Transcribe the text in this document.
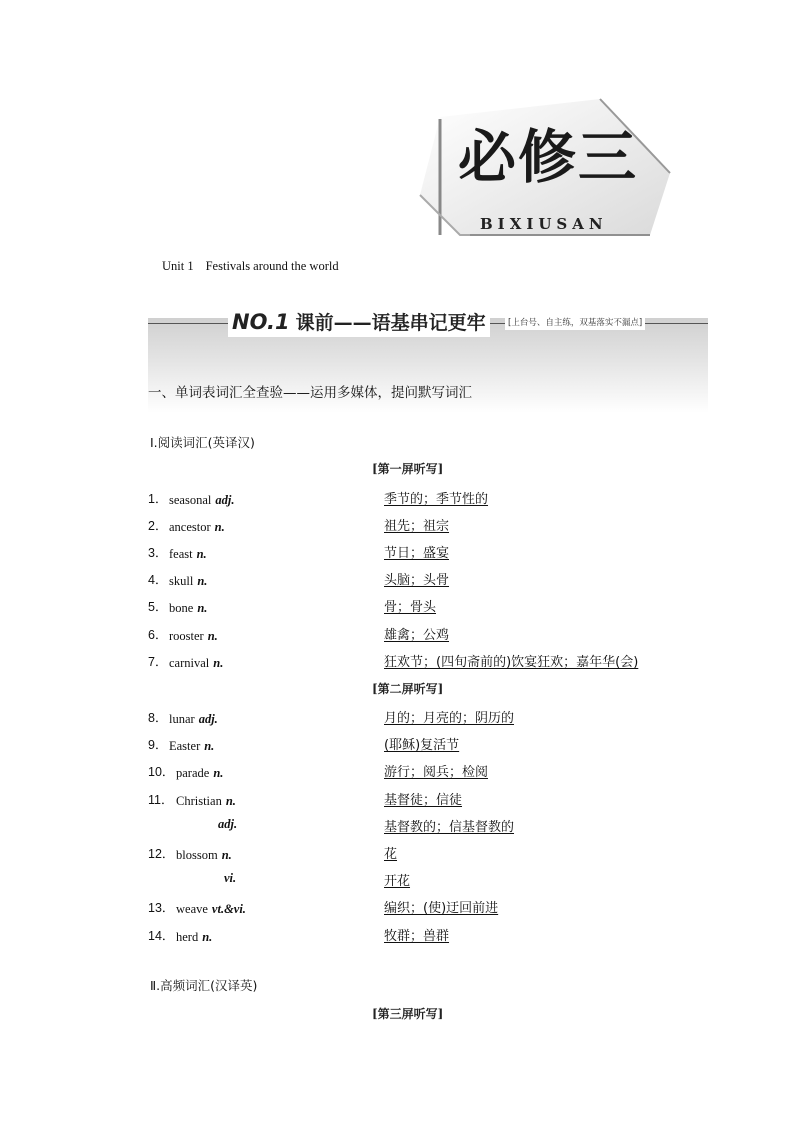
必修三
BIXIUSAN
Unit 1 Festivals around the world
NO.1 课前——语基串记更牢	[上台号、自主练，双基落实不漏点]
一、单词表词汇全查验——运用多媒体，提问默写词汇
Ⅰ.阅读词汇(英译汉)
Ⅱ.高频词汇(汉译英)
[第一屏听写]
[第二屏听写]
[第三屏听写]
1． seasonal adj.	季节的；季节性的
2． ancestor n.	祖先；祖宗
3． feast n.	节日；盛宴
4． skull n.	头脑；头骨
5． bone n.	骨；骨头
6． rooster n.	雄禽；公鸡
7． carnival n.	狂欢节；(四旬斋前的)饮宴狂欢；嘉年华(会)
8． lunar adj.	月的；月亮的；阴历的
9． Easter n.	(耶稣)复活节
10． parade n.	游行；阅兵；检阅
11． Christian n.	基督徒；信徒
adj.	基督教的；信基督教的
12． blossom n.	花
vi.	开花
13． weave vt.&vi.	编织；(使)迂回前进
14． herd n.	牧群；兽群
